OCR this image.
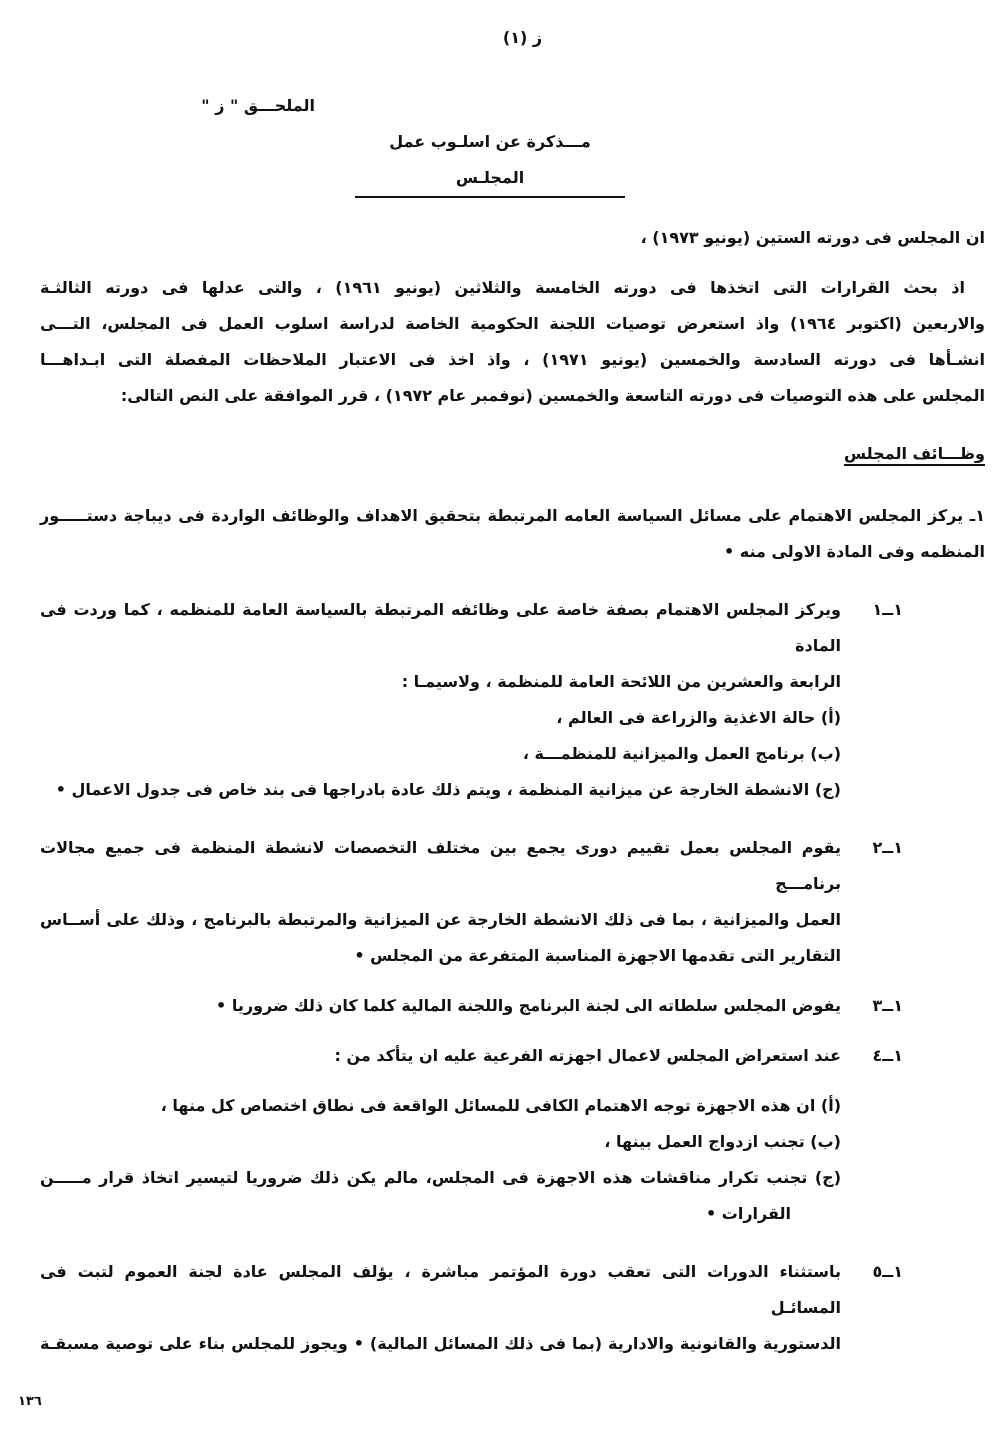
ز (١)
الملحـــق " ز "
مـــذكرة عن اسلـوب عمل المجلـس
ان المجلس فى دورته الستين (يونيو ١٩٧٣) ،
اذ بحث القرارات التى اتخذها فى دورته الخامسة والثلاثين (يونيو ١٩٦١) ، والتى عدلها فى دورته الثالثـة
والاربعين (اكتوبر ١٩٦٤) واذ استعرض توصيات اللجنة الحكومية الخاصة لدراسة اسلوب العمل فى المجلس، التـــى
انشـأها فى دورته السادسة والخمسين (يونيو ١٩٧١) ، واذ اخذ فى الاعتبار الملاحظات المفصلة التى ابـداهـــا
المجلس على هذه التوصيات فى دورته التاسعة والخمسين (نوفمبر عام ١٩٧٢) ، قرر الموافقة على النص التالى:
وظـــائف المجلس
١ـ يركز المجلس الاهتمام على مسائل السياسة العامه المرتبطة بتحقيق الاهداف والوظائف الواردة فى ديباجة دستـــــور
المنظمه وفى المادة الاولى منه •
١ــ١
ويركز المجلس الاهتمام بصفة خاصة على وظائفه المرتبطة بالسياسة العامة للمنظمه ، كما وردت فى المادة
الرابعة والعشرين من اللائحة العامة للمنظمة ، ولاسيمـا :
(أ) حالة الاغذية والزراعة فى العالم ،
(ب) برنامج العمل والميزانية للمنظمـــة ،
(ج) الانشطة الخارجة عن ميزانية المنظمة ، ويتم ذلك عادة بادراجها فى بند خاص فى جدول الاعمال •
١ــ٢
يقوم المجلس بعمل تقييم دورى يجمع بين مختلف التخصصات لانشطة المنظمة فى جميع مجالات برنامـــج
العمل والميزانية ، بما فى ذلك الانشطة الخارجة عن الميزانية والمرتبطة بالبرنامج ، وذلك على أســاس
التقارير التى تقدمها الاجهزة المناسبة المتفرعة من المجلس •
١ــ٣
يفوض المجلس سلطاته الى لجنة البرنامج واللجنة المالية كلما كان ذلك ضروريا •
١ــ٤
عند استعراض المجلس لاعمال اجهزته الفرعية عليه ان يتأكد من :
(أ) ان هذه الاجهزة توجه الاهتمام الكافى للمسائل الواقعة فى نطاق اختصاص كل منها ،
(ب) تجنب ازدواج العمل بينها ،
(ج) تجنب تكرار مناقشات هذه الاجهزة فى المجلس، مالم يكن ذلك ضروريا لتيسير اتخاذ قرار مـــــن
القرارات •
١ــ٥
باستثناء الدورات التى تعقب دورة المؤتمر مباشرة ، يؤلف المجلس عادة لجنة العموم لتبت فى المسائـل
الدستورية والقانونية والادارية (بما فى ذلك المسائل المالية) • ويجوز للمجلس بناء على توصية مسبقـة
١٣٦
